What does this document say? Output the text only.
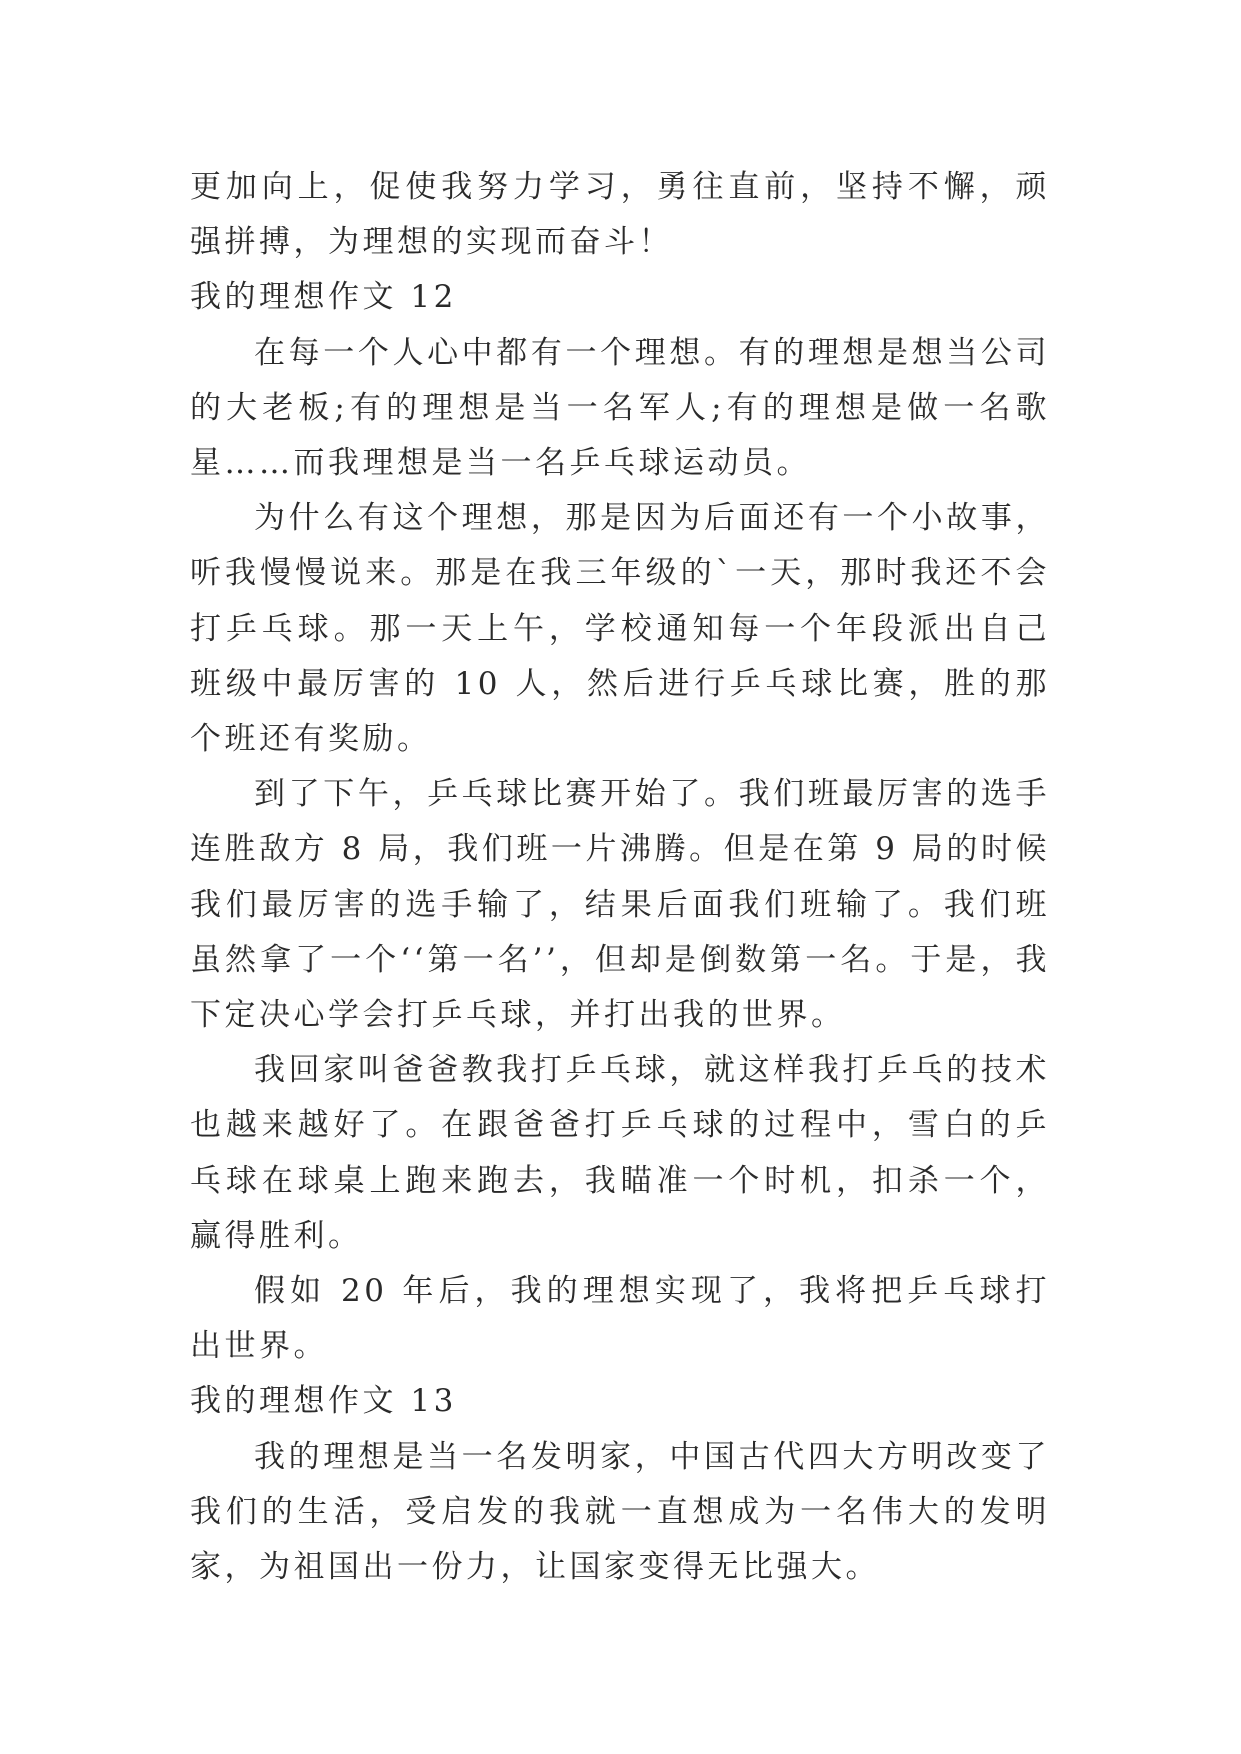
更加向上，促使我努力学习，勇往直前，坚持不懈，顽强拼搏，为理想的实现而奋斗！

我的理想作文 12

在每一个人心中都有一个理想。有的理想是想当公司的大老板;有的理想是当一名军人;有的理想是做一名歌星……而我理想是当一名乒乓球运动员。

为什么有这个理想，那是因为后面还有一个小故事，听我慢慢说来。那是在我三年级的`一天，那时我还不会打乒乓球。那一天上午，学校通知每一个年段派出自己班级中最厉害的 10 人，然后进行乒乓球比赛，胜的那个班还有奖励。

到了下午，乒乓球比赛开始了。我们班最厉害的选手连胜敌方 8 局，我们班一片沸腾。但是在第 9 局的时候我们最厉害的选手输了，结果后面我们班输了。我们班虽然拿了一个‘‘第一名’’，但却是倒数第一名。于是，我下定决心学会打乒乓球，并打出我的世界。

我回家叫爸爸教我打乒乓球，就这样我打乒乓的技术也越来越好了。在跟爸爸打乒乓球的过程中，雪白的乒乓球在球桌上跑来跑去，我瞄准一个时机，扣杀一个，赢得胜利。

假如 20 年后，我的理想实现了，我将把乒乓球打出世界。

我的理想作文 13

我的理想是当一名发明家，中国古代四大方明改变了我们的生活，受启发的我就一直想成为一名伟大的发明家，为祖国出一份力，让国家变得无比强大。
